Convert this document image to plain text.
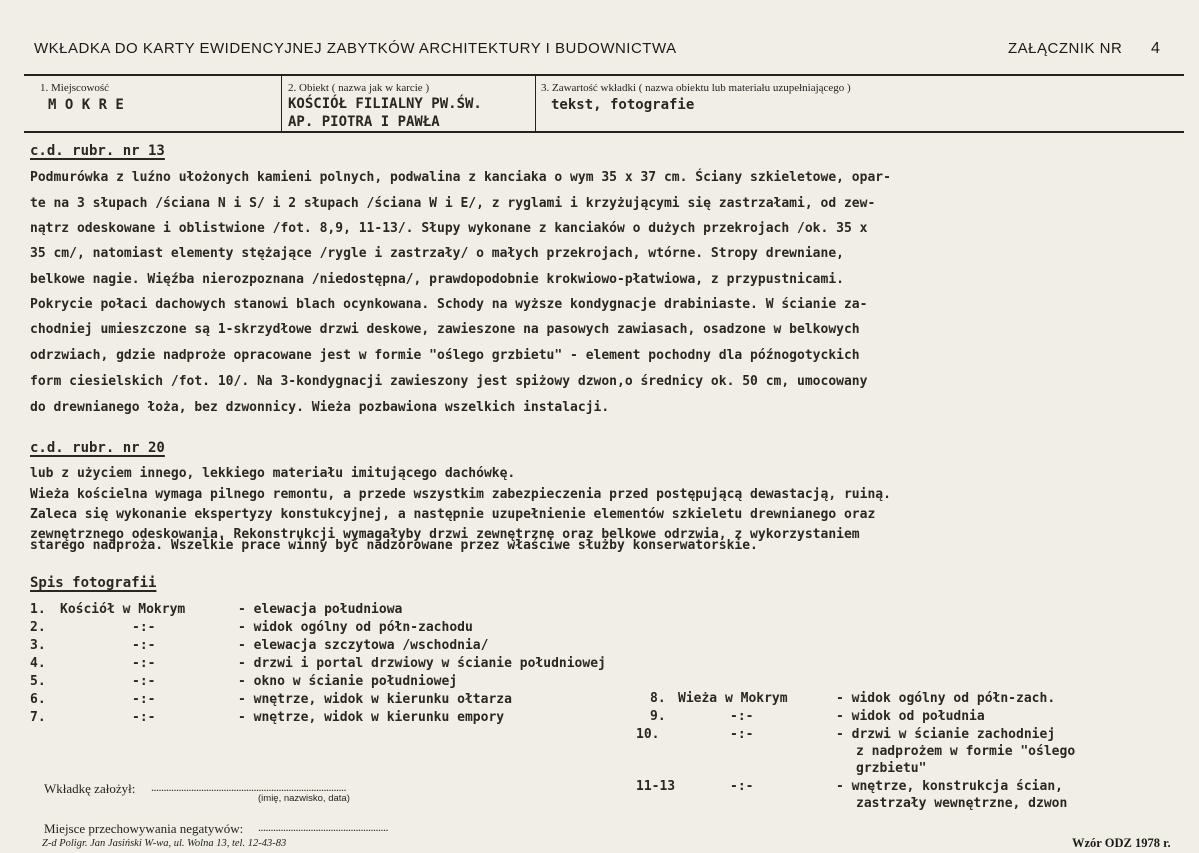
WKŁADKA DO KARTY EWIDENCYJNEJ ZABYTKÓW ARCHITEKTURY I BUDOWNICTWA	ZAŁĄCZNIK NR 4
1. Miejscowość
M O K R E
2. Obiekt ( nazwa jak w karcie )
KOŚCIÓŁ FILIALNY PW.ŚW.
AP. PIOTRA I PAWŁA
3. Zawartość wkładki ( nazwa obiektu lub materiału uzupełniającego )
tekst, fotografie
c.d. rubr. nr 13
Podmurówka z luźno ułożonych kamieni polnych, podwalina z kanciaka o wym 35 x 37 cm. Ściany szkieletowe, opar-
te na 3 słupach /ściana N i S/ i 2 słupach /ściana W i E/, z ryglami i krzyżującymi się zastrzałami, od zew-
nątrz odeskowane i oblistwione /fot. 8,9, 11-13/. Słupy wykonane z kanciaków o dużych przekrojach /ok. 35 x
35 cm/, natomiast elementy stężające /rygle i zastrzały/ o małych przekrojach, wtórne. Stropy drewniane,
belkowe nagie. Więźba nierozpoznana /niedostępna/, prawdopodobnie krokwiowo-płatwiowa, z przypustnicami.
Pokrycie połaci dachowych stanowi blach ocynkowana. Schody na wyższe kondygnacje drabiniaste. W ścianie za-
chodniej umieszczone są 1-skrzydłowe drzwi deskowe, zawieszone na pasowych zawiasach, osadzone w belkowych
odrzwiach, gdzie nadproże opracowane jest w formie "oślego grzbietu" - element pochodny dla późnogotyckich
form ciesielskich /fot. 10/. Na 3-kondygnacji zawieszony jest spiżowy dzwon,o średnicy ok. 50 cm, umocowany
do drewnianego łoża, bez dzwonnicy. Wieża pozbawiona wszelkich instalacji.
c.d. rubr. nr 20
lub z użyciem innego, lekkiego materiału imitującego dachówkę.
Wieża kościelna wymaga pilnego remontu, a przede wszystkim zabezpieczenia przed postępującą dewastacją, ruiną.
Zaleca się wykonanie ekspertyzy konstukcyjnej, a następnie uzupełnienie elementów szkieletu drewnianego oraz
zewnętrznego odeskowania. Rekonstrukcji wymagałyby drzwi zewnętrzne oraz belkowe odrzwia, z wykorzystaniem
starego nadproża. Wszelkie prace winny być nadzorowane przez właściwe służby konserwatorskie.
Spis fotografii
1. Kościół w Mokrym	- elewacja południowa
2.	-:-	- widok ogólny od półn-zachodu
3.	-:-	- elewacja szczytowa /wschodnia/
4.	-:-	- drzwi i portal drzwiowy w ścianie południowej
5.	-:-	- okno w ścianie południowej
6.	-:-	- wnętrze, widok w kierunku ołtarza
7.	-:-	- wnętrze, widok w kierunku empory
8. Wieża w Mokrym	- widok ogólny od półn-zach.
9.	-:-	- widok od południa
10.	-:-	- drzwi w ścianie zachodniej
z nadprożem w formie "oślego
grzbietu"
11-13	-:-	- wnętrze, konstrukcja ścian,
zastrzały wewnętrzne, dzwon
Wkładkę założył: ..............................................................................
(imię, nazwisko, data)
Miejsce przechowywania negatywów: ....................................................
Z-d Poligr. Jan Jasiński W-wa, ul. Wolna 13, tel. 12-43-83	Wzór ODZ 1978 r.
